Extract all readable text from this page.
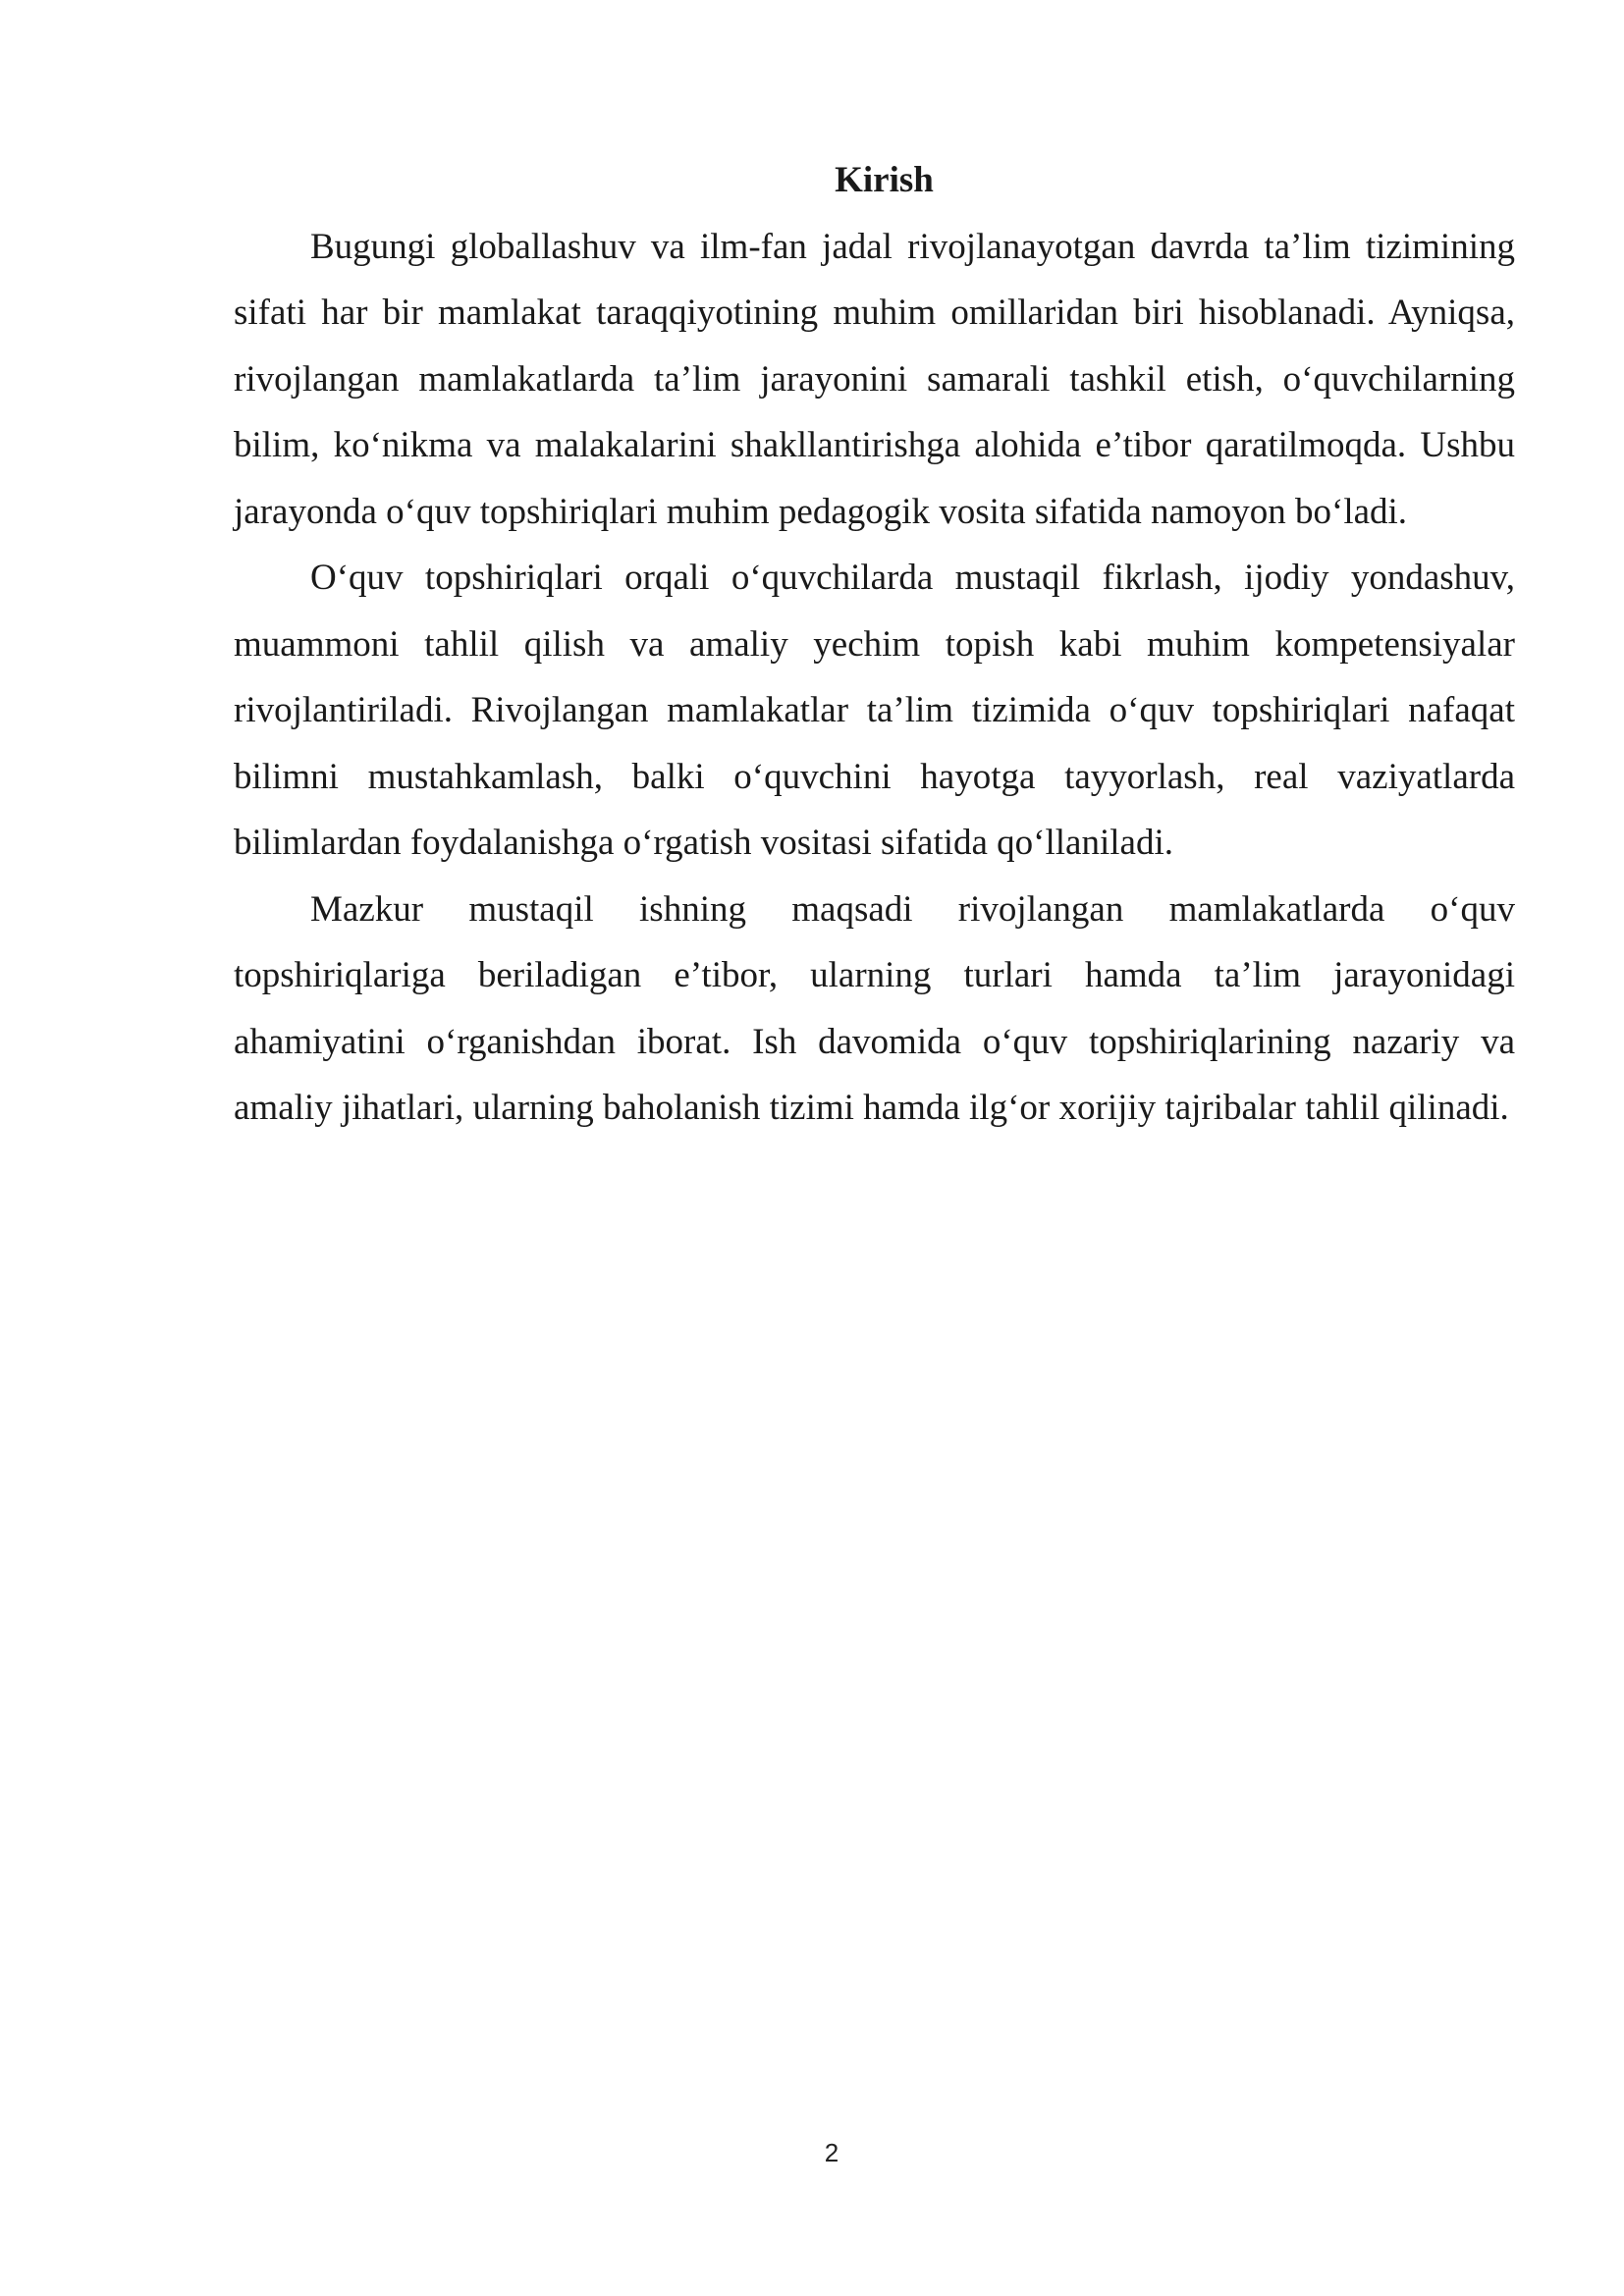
Kirish

Bugungi globallashuv va ilm-fan jadal rivojlanayotgan davrda ta’lim tizimining sifati har bir mamlakat taraqqiyotining muhim omillaridan biri hisoblanadi. Ayniqsa, rivojlangan mamlakatlarda ta’lim jarayonini samarali tashkil etish, o‘quvchilarning bilim, ko‘nikma va malakalarini shakllantirishga alohida e’tibor qaratilmoqda. Ushbu jarayonda o‘quv topshiriqlari muhim pedagogik vosita sifatida namoyon bo‘ladi.

O‘quv topshiriqlari orqali o‘quvchilarda mustaqil fikrlash, ijodiy yondashuv, muammoni tahlil qilish va amaliy yechim topish kabi muhim kompetensiyalar rivojlantiriladi. Rivojlangan mamlakatlar ta’lim tizimida o‘quv topshiriqlari nafaqat bilimni mustahkamlash, balki o‘quvchini hayotga tayyorlash, real vaziyatlarda bilimlardan foydalanishga o‘rgatish vositasi sifatida qo‘llaniladi.

Mazkur mustaqil ishning maqsadi rivojlangan mamlakatlarda o‘quv topshiriqlariga beriladigan e’tibor, ularning turlari hamda ta’lim jarayonidagi ahamiyatini o‘rganishdan iborat. Ish davomida o‘quv topshiriqlarining nazariy va amaliy jihatlari, ularning baholanish tizimi hamda ilg‘or xorijiy tajribalar tahlil qilinadi.

2
